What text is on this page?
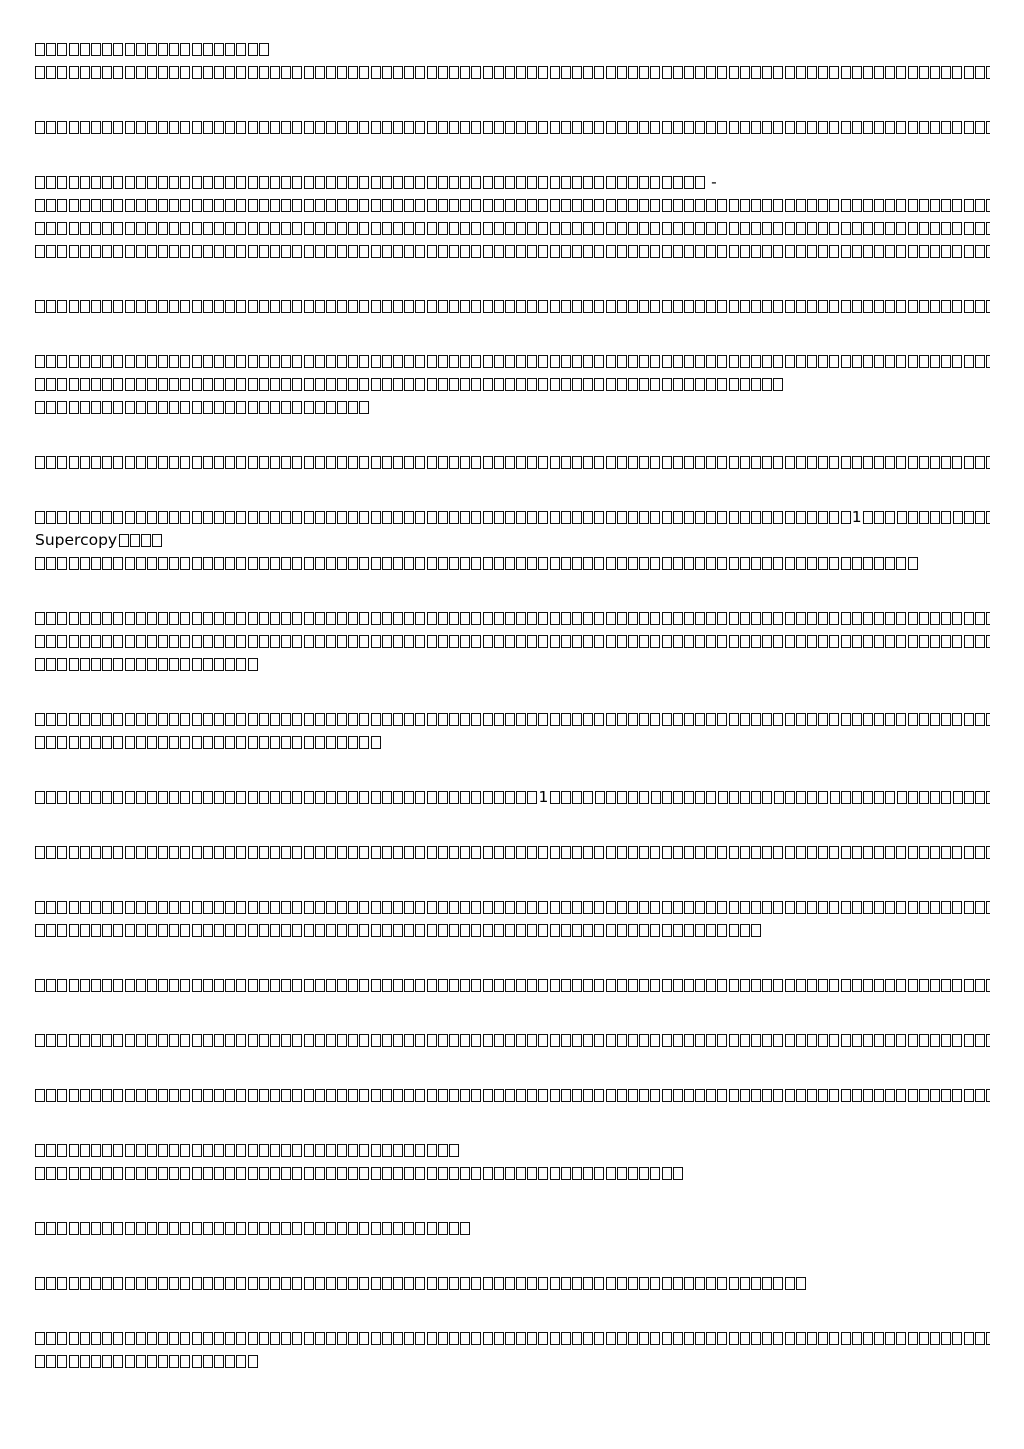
-

1
Supercopy

1
